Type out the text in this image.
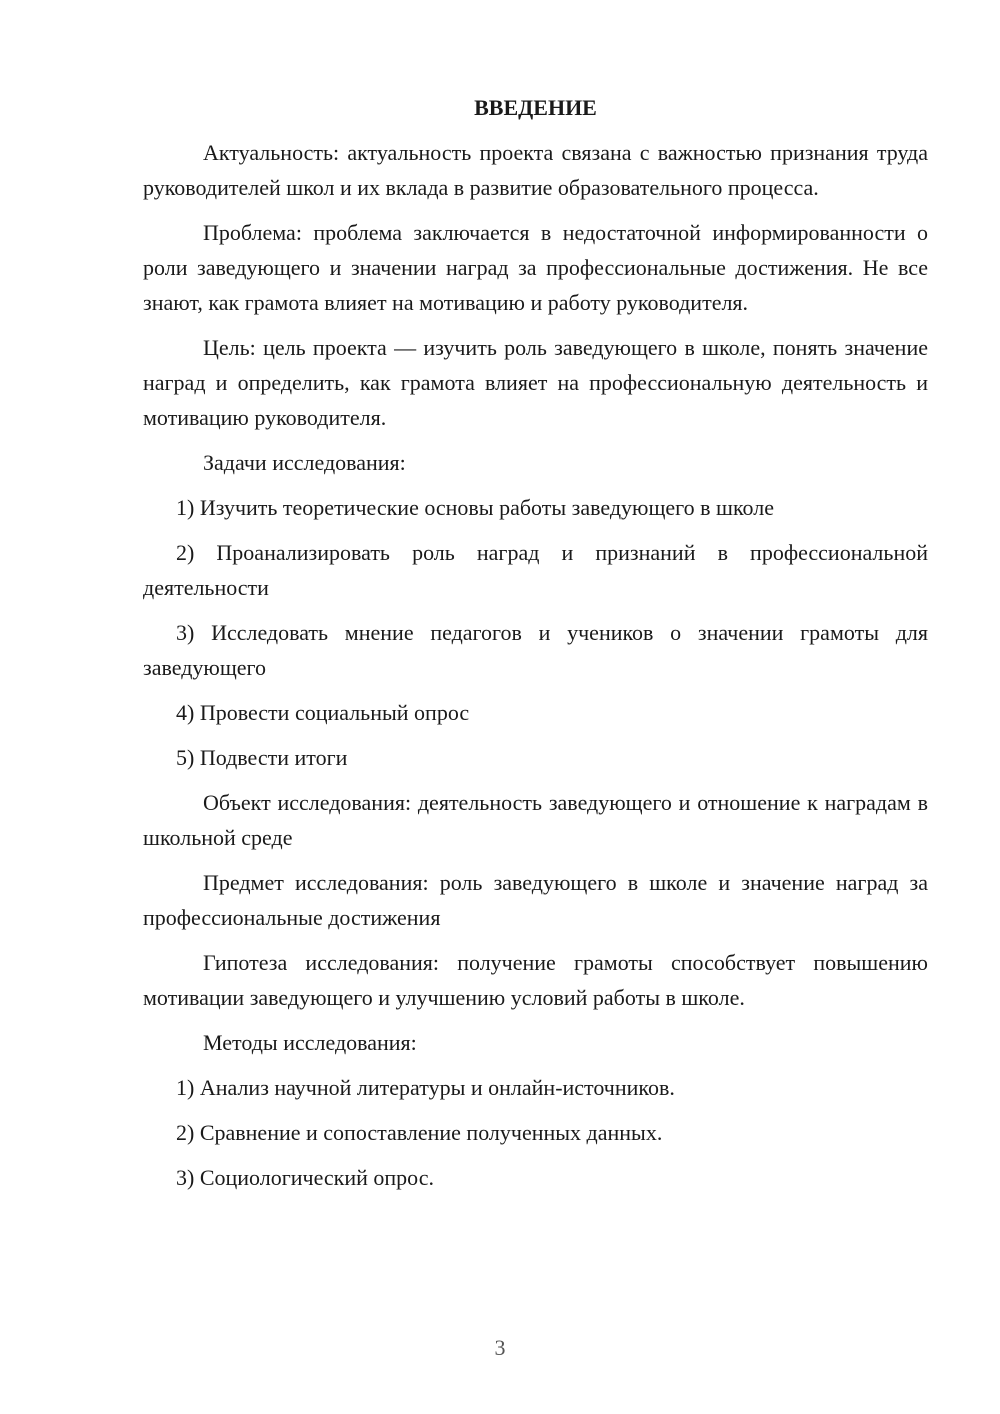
ВВЕДЕНИЕ

Актуальность: актуальность проекта связана с важностью признания труда руководителей школ и их вклада в развитие образовательного процесса.

Проблема: проблема заключается в недостаточной информированности о роли заведующего и значении наград за профессиональные достижения. Не все знают, как грамота влияет на мотивацию и работу руководителя.

Цель: цель проекта — изучить роль заведующего в школе, понять значение наград и определить, как грамота влияет на профессиональную деятельность и мотивацию руководителя.

Задачи исследования:

1) Изучить теоретические основы работы заведующего в школе

2) Проанализировать роль наград и признаний в профессиональной деятельности

3) Исследовать мнение педагогов и учеников о значении грамоты для заведующего

4) Провести социальный опрос

5) Подвести итоги

Объект исследования: деятельность заведующего и отношение к наградам в школьной среде

Предмет исследования: роль заведующего в школе и значение наград за профессиональные достижения

Гипотеза исследования: получение грамоты способствует повышению мотивации заведующего и улучшению условий работы в школе.

Методы исследования:

1) Анализ научной литературы и онлайн-источников.

2) Сравнение и сопоставление полученных данных.

3) Социологический опрос.

3
